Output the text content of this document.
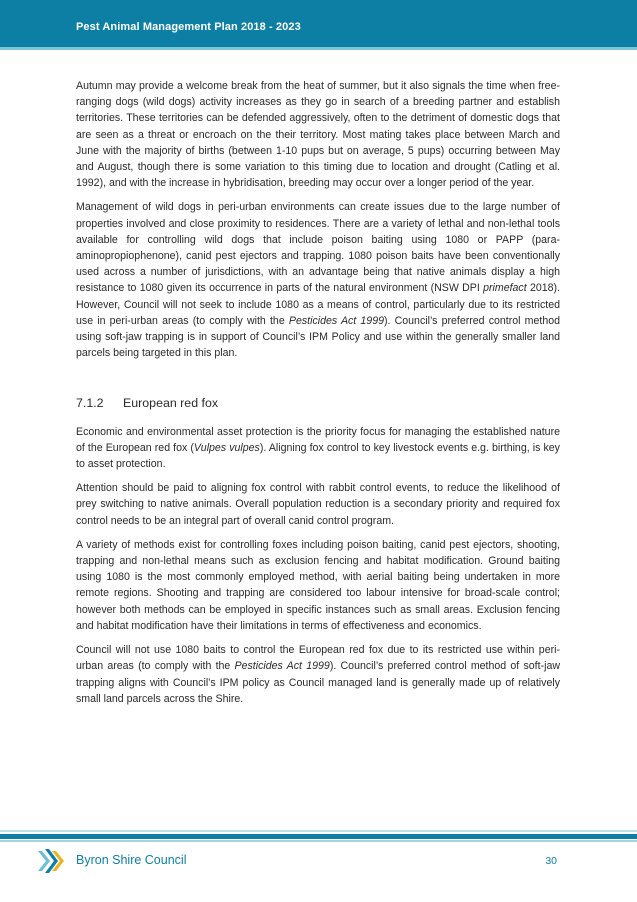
Pest Animal Management Plan 2018 - 2023

Autumn may provide a welcome break from the heat of summer, but it also signals the time when free-ranging dogs (wild dogs) activity increases as they go in search of a breeding partner and establish territories. These territories can be defended aggressively, often to the detriment of domestic dogs that are seen as a threat or encroach on the their territory. Most mating takes place between March and June with the majority of births (between 1-10 pups but on average, 5 pups) occurring between May and August, though there is some variation to this timing due to location and drought (Catling et al. 1992), and with the increase in hybridisation, breeding may occur over a longer period of the year.

Management of wild dogs in peri-urban environments can create issues due to the large number of properties involved and close proximity to residences. There are a variety of lethal and non-lethal tools available for controlling wild dogs that include poison baiting using 1080 or PAPP (para-aminopropiophenone), canid pest ejectors and trapping. 1080 poison baits have been conventionally used across a number of jurisdictions, with an advantage being that native animals display a high resistance to 1080 given its occurrence in parts of the natural environment (NSW DPI primefact 2018). However, Council will not seek to include 1080 as a means of control, particularly due to its restricted use in peri-urban areas (to comply with the Pesticides Act 1999). Council’s preferred control method using soft-jaw trapping is in support of Council’s IPM Policy and use within the generally smaller land parcels being targeted in this plan.

7.1.2 European red fox

Economic and environmental asset protection is the priority focus for managing the established nature of the European red fox (Vulpes vulpes). Aligning fox control to key livestock events e.g. birthing, is key to asset protection.

Attention should be paid to aligning fox control with rabbit control events, to reduce the likelihood of prey switching to native animals. Overall population reduction is a secondary priority and required fox control needs to be an integral part of overall canid control program.

A variety of methods exist for controlling foxes including poison baiting, canid pest ejectors, shooting, trapping and non-lethal means such as exclusion fencing and habitat modification. Ground baiting using 1080 is the most commonly employed method, with aerial baiting being undertaken in more remote regions. Shooting and trapping are considered too labour intensive for broad-scale control; however both methods can be employed in specific instances such as small areas. Exclusion fencing and habitat modification have their limitations in terms of effectiveness and economics.

Council will not use 1080 baits to control the European red fox due to its restricted use within peri-urban areas (to comply with the Pesticides Act 1999). Council’s preferred control method of soft-jaw trapping aligns with Council’s IPM policy as Council managed land is generally made up of relatively small land parcels across the Shire.

Byron Shire Council	30
